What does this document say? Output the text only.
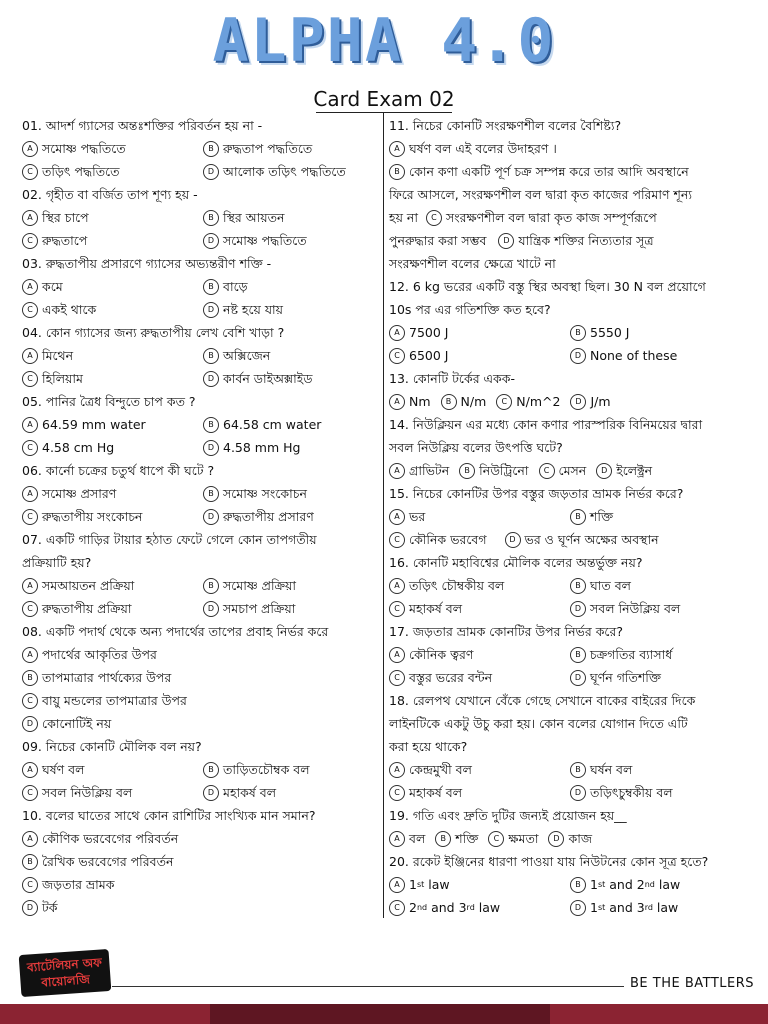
ALPHA 4.0
Card Exam 02
01. আদর্শ গ্যাসের অন্তঃশক্তির পরিবর্তন হয় না -
A সমোষ্ণ পদ্ধতিতে	B রুদ্ধতাপ পদ্ধতিতে
C তড়িৎ পদ্ধতিতে	D আলোক তড়িৎ পদ্ধতিতে
02. গৃহীত বা বর্জিত তাপ শূণ্য হয় -
A স্থির চাপে	B স্থির আয়তন
C রুদ্ধতাপে	D সমোষ্ণ পদ্ধতিতে
03. রুদ্ধতাপীয় প্রসারণে গ্যাসের অভ্যন্তরীণ শক্তি -
A কমে	B বাড়ে
C একই থাকে	D নষ্ট হয়ে যায়
04. কোন গ্যাসের জন্য রুদ্ধতাপীয় লেখ বেশি খাড়া ?
A মিথেন	B অক্সিজেন
C হিলিয়াম	D কার্বন ডাইঅক্সাইড
05. পানির ত্রৈধ বিন্দুতে চাপ কত ?
A 64.59 mm water	B 64.58 cm water
C 4.58 cm Hg	D 4.58 mm Hg
06. কার্নো চক্রের চতুর্থ ধাপে কী ঘটে ?
A সমোষ্ণ প্রসারণ	B সমোষ্ণ সংকোচন
C রুদ্ধতাপীয় সংকোচন	D রুদ্ধতাপীয় প্রসারণ
07. একটি গাড়ির টায়ার হঠাত ফেটে গেলে কোন তাপগতীয়
প্রক্রিয়াটি হয়?
A সমআয়তন প্রক্রিয়া	B সমোষ্ণ প্রক্রিয়া
C রুদ্ধতাপীয় প্রক্রিয়া	D সমচাপ প্রক্রিয়া
08. একটি পদার্থ থেকে অন্য পদার্থের তাপের প্রবাহ নির্ভর করে
A পদার্থের আকৃতির উপর
B তাপমাত্রার পার্থক্যের উপর
C বায়ু মন্ডলের তাপমাত্রার উপর
D কোনোটিই নয়
09. নিচের কোনটি মৌলিক বল নয়?
A ঘর্ষণ বল	B তাড়িতচৌম্বক বল
C সবল নিউক্লিয় বল	D মহাকর্ষ বল
10. বলের ঘাতের সাথে কোন রাশিটির সাংখ্যিক মান সমান?
A কৌণিক ভরবেগের পরিবর্তন
B রৈখিক ভরবেগের পরিবর্তন
C জড়তার ভ্রামক
D টর্ক
11. নিচের কোনটি সংরক্ষণশীল বলের বৈশিষ্ট্য?
A ঘর্ষণ বল এই বলের উদাহরণ ।
B কোন কণা একটি পূর্ণ চক্র সম্পন্ন করে তার আদি অবস্থানে
ফিরে আসলে, সংরক্ষণশীল বল দ্বারা কৃত কাজের পরিমাণ শূন্য
হয় না
	C সংরক্ষণশীল বল দ্বারা কৃত কাজ সম্পূর্ণরূপে
পুনরুদ্ধার করা সম্ভব
	D যান্ত্রিক শক্তির নিত্যতার সূত্র
সংরক্ষণশীল বলের ক্ষেত্রে খাটে না
12. 6 kg ভরের একটি বস্তু স্থির অবস্থা ছিল। 30 N বল প্রয়োগে
10s পর এর গতিশক্তি কত হবে?
A 7500 J	B 5550 J
C 6500 J	D None of these
13. কোনটি টর্কের একক-
A Nm	B N/m	C N/m^2	D J/m
14. নিউক্লিয়ন এর মধ্যে কোন কণার পারস্পরিক বিনিময়ের দ্বারা
সবল নিউক্লিয় বলের উৎপত্তি ঘটে?
A গ্রাভিটন	B নিউট্রিনো	C মেসন	D ইলেক্ট্রন
15. নিচের কোনটির উপর বস্তুর জড়তার ভ্রামক নির্ভর করে?
A ভর	B শক্তি
C কৌনিক ভরবেগ	D ভর ও ঘূর্ণন অক্ষের অবস্থান
16. কোনটি মহাবিশ্বের মৌলিক বলের অন্তর্ভুক্ত নয়?
A তড়িৎ চৌম্বকীয় বল	B ঘাত বল
C মহাকর্ষ বল	D সবল নিউক্লিয় বল
17. জড়তার ভ্রামক কোনটির উপর নির্ভর করে?
A কৌনিক ত্বরণ	B চক্রগতির ব্যাসার্ধ
C বস্তুর ভরের বন্টন	D ঘূর্ণন গতিশক্তি
18. রেলপথ যেখানে বেঁকে গেছে সেখানে বাকের বাইরের দিকে
লাইনটিকে একটু উচু করা হয়। কোন বলের যোগান দিতে এটি
করা হয়ে থাকে?
A কেন্দ্রমুখী বল	B ঘর্ষন বল
C মহাকর্ষ বল	D তড়িৎচুম্বকীয় বল
19. গতি এবং দ্রুতি দুটির জন্যই প্রয়োজন হয়__
A বল	B শক্তি	C ক্ষমতা	D কাজ
20. রকেট ইঞ্জিনের ধারণা পাওয়া যায় নিউটনের কোন সূত্র হতে?
A 1 st
law	B 1 st
and 2 nd
law
C 2 nd
and 3 rd
law	D 1 st
and 3 rd
law
ব্যাটেলিয়ন অফ
বায়োলজি	BE THE BATTLERS
